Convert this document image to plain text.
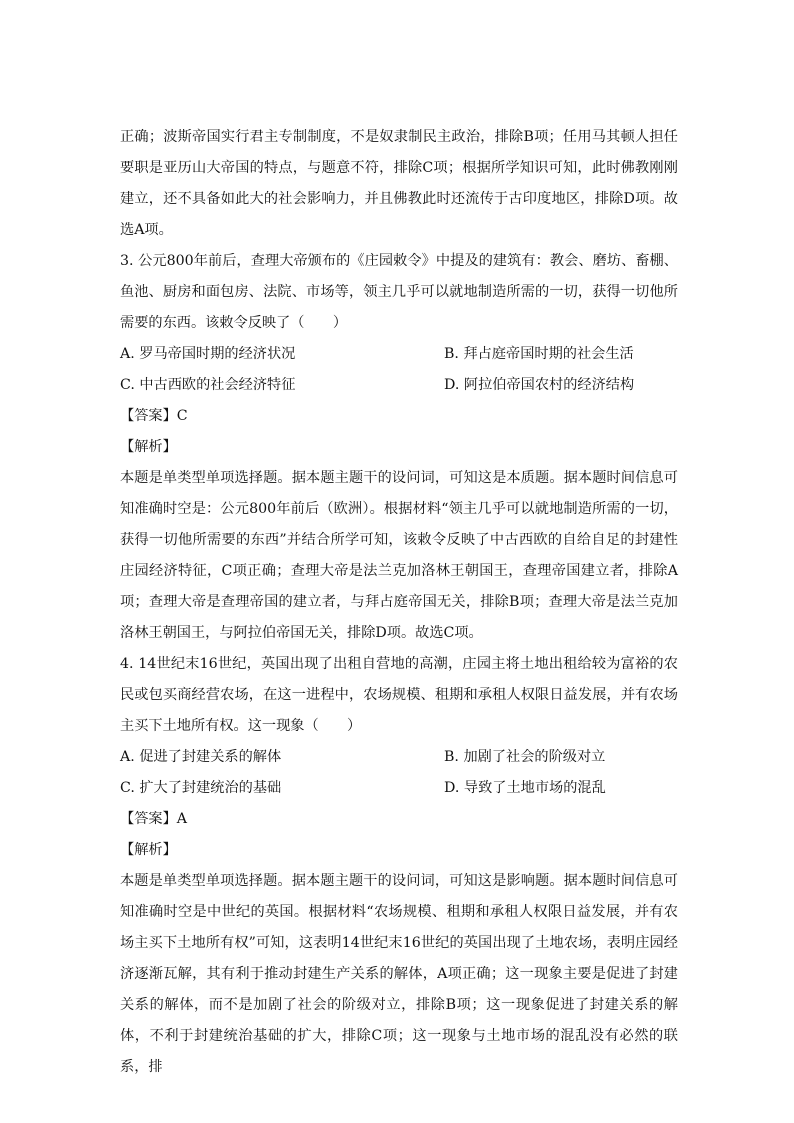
正确；波斯帝国实行君主专制制度，不是奴隶制民主政治，排除B项；任用马其顿人担任要职是亚历山大帝国的特点，与题意不符，排除C项；根据所学知识可知，此时佛教刚刚建立，还不具备如此大的社会影响力，并且佛教此时还流传于古印度地区，排除D项。故选A项。

3. 公元800年前后，查理大帝颁布的《庄园敕令》中提及的建筑有：教会、磨坊、畜棚、鱼池、厨房和面包房、法院、市场等，领主几乎可以就地制造所需的一切，获得一切他所需要的东西。该敕令反映了（　　）

A. 罗马帝国时期的经济状况	B. 拜占庭帝国时期的社会生活
C. 中古西欧的社会经济特征	D. 阿拉伯帝国农村的经济结构

【答案】C

【解析】

本题是单类型单项选择题。据本题主题干的设问词，可知这是本质题。据本题时间信息可知准确时空是：公元800年前后（欧洲）。根据材料“领主几乎可以就地制造所需的一切，获得一切他所需要的东西”并结合所学可知，该敕令反映了中古西欧的自给自足的封建性庄园经济特征，C项正确；查理大帝是法兰克加洛林王朝国王，查理帝国建立者，排除A项；查理大帝是查理帝国的建立者，与拜占庭帝国无关，排除B项；查理大帝是法兰克加洛林王朝国王，与阿拉伯帝国无关，排除D项。故选C项。

4. 14世纪末16世纪，英国出现了出租自营地的高潮，庄园主将土地出租给较为富裕的农民或包买商经营农场，在这一进程中，农场规模、租期和承租人权限日益发展，并有农场主买下土地所有权。这一现象（　　）

A. 促进了封建关系的解体	B. 加剧了社会的阶级对立
C. 扩大了封建统治的基础	D. 导致了土地市场的混乱

【答案】A

【解析】

本题是单类型单项选择题。据本题主题干的设问词，可知这是影响题。据本题时间信息可知准确时空是中世纪的英国。根据材料“农场规模、租期和承租人权限日益发展，并有农场主买下土地所有权”可知，这表明14世纪末16世纪的英国出现了土地农场，表明庄园经济逐渐瓦解，其有利于推动封建生产关系的解体，A项正确；这一现象主要是促进了封建关系的解体，而不是加剧了社会的阶级对立，排除B项；这一现象促进了封建关系的解体，不利于封建统治基础的扩大，排除C项；这一现象与土地市场的混乱没有必然的联系，排
